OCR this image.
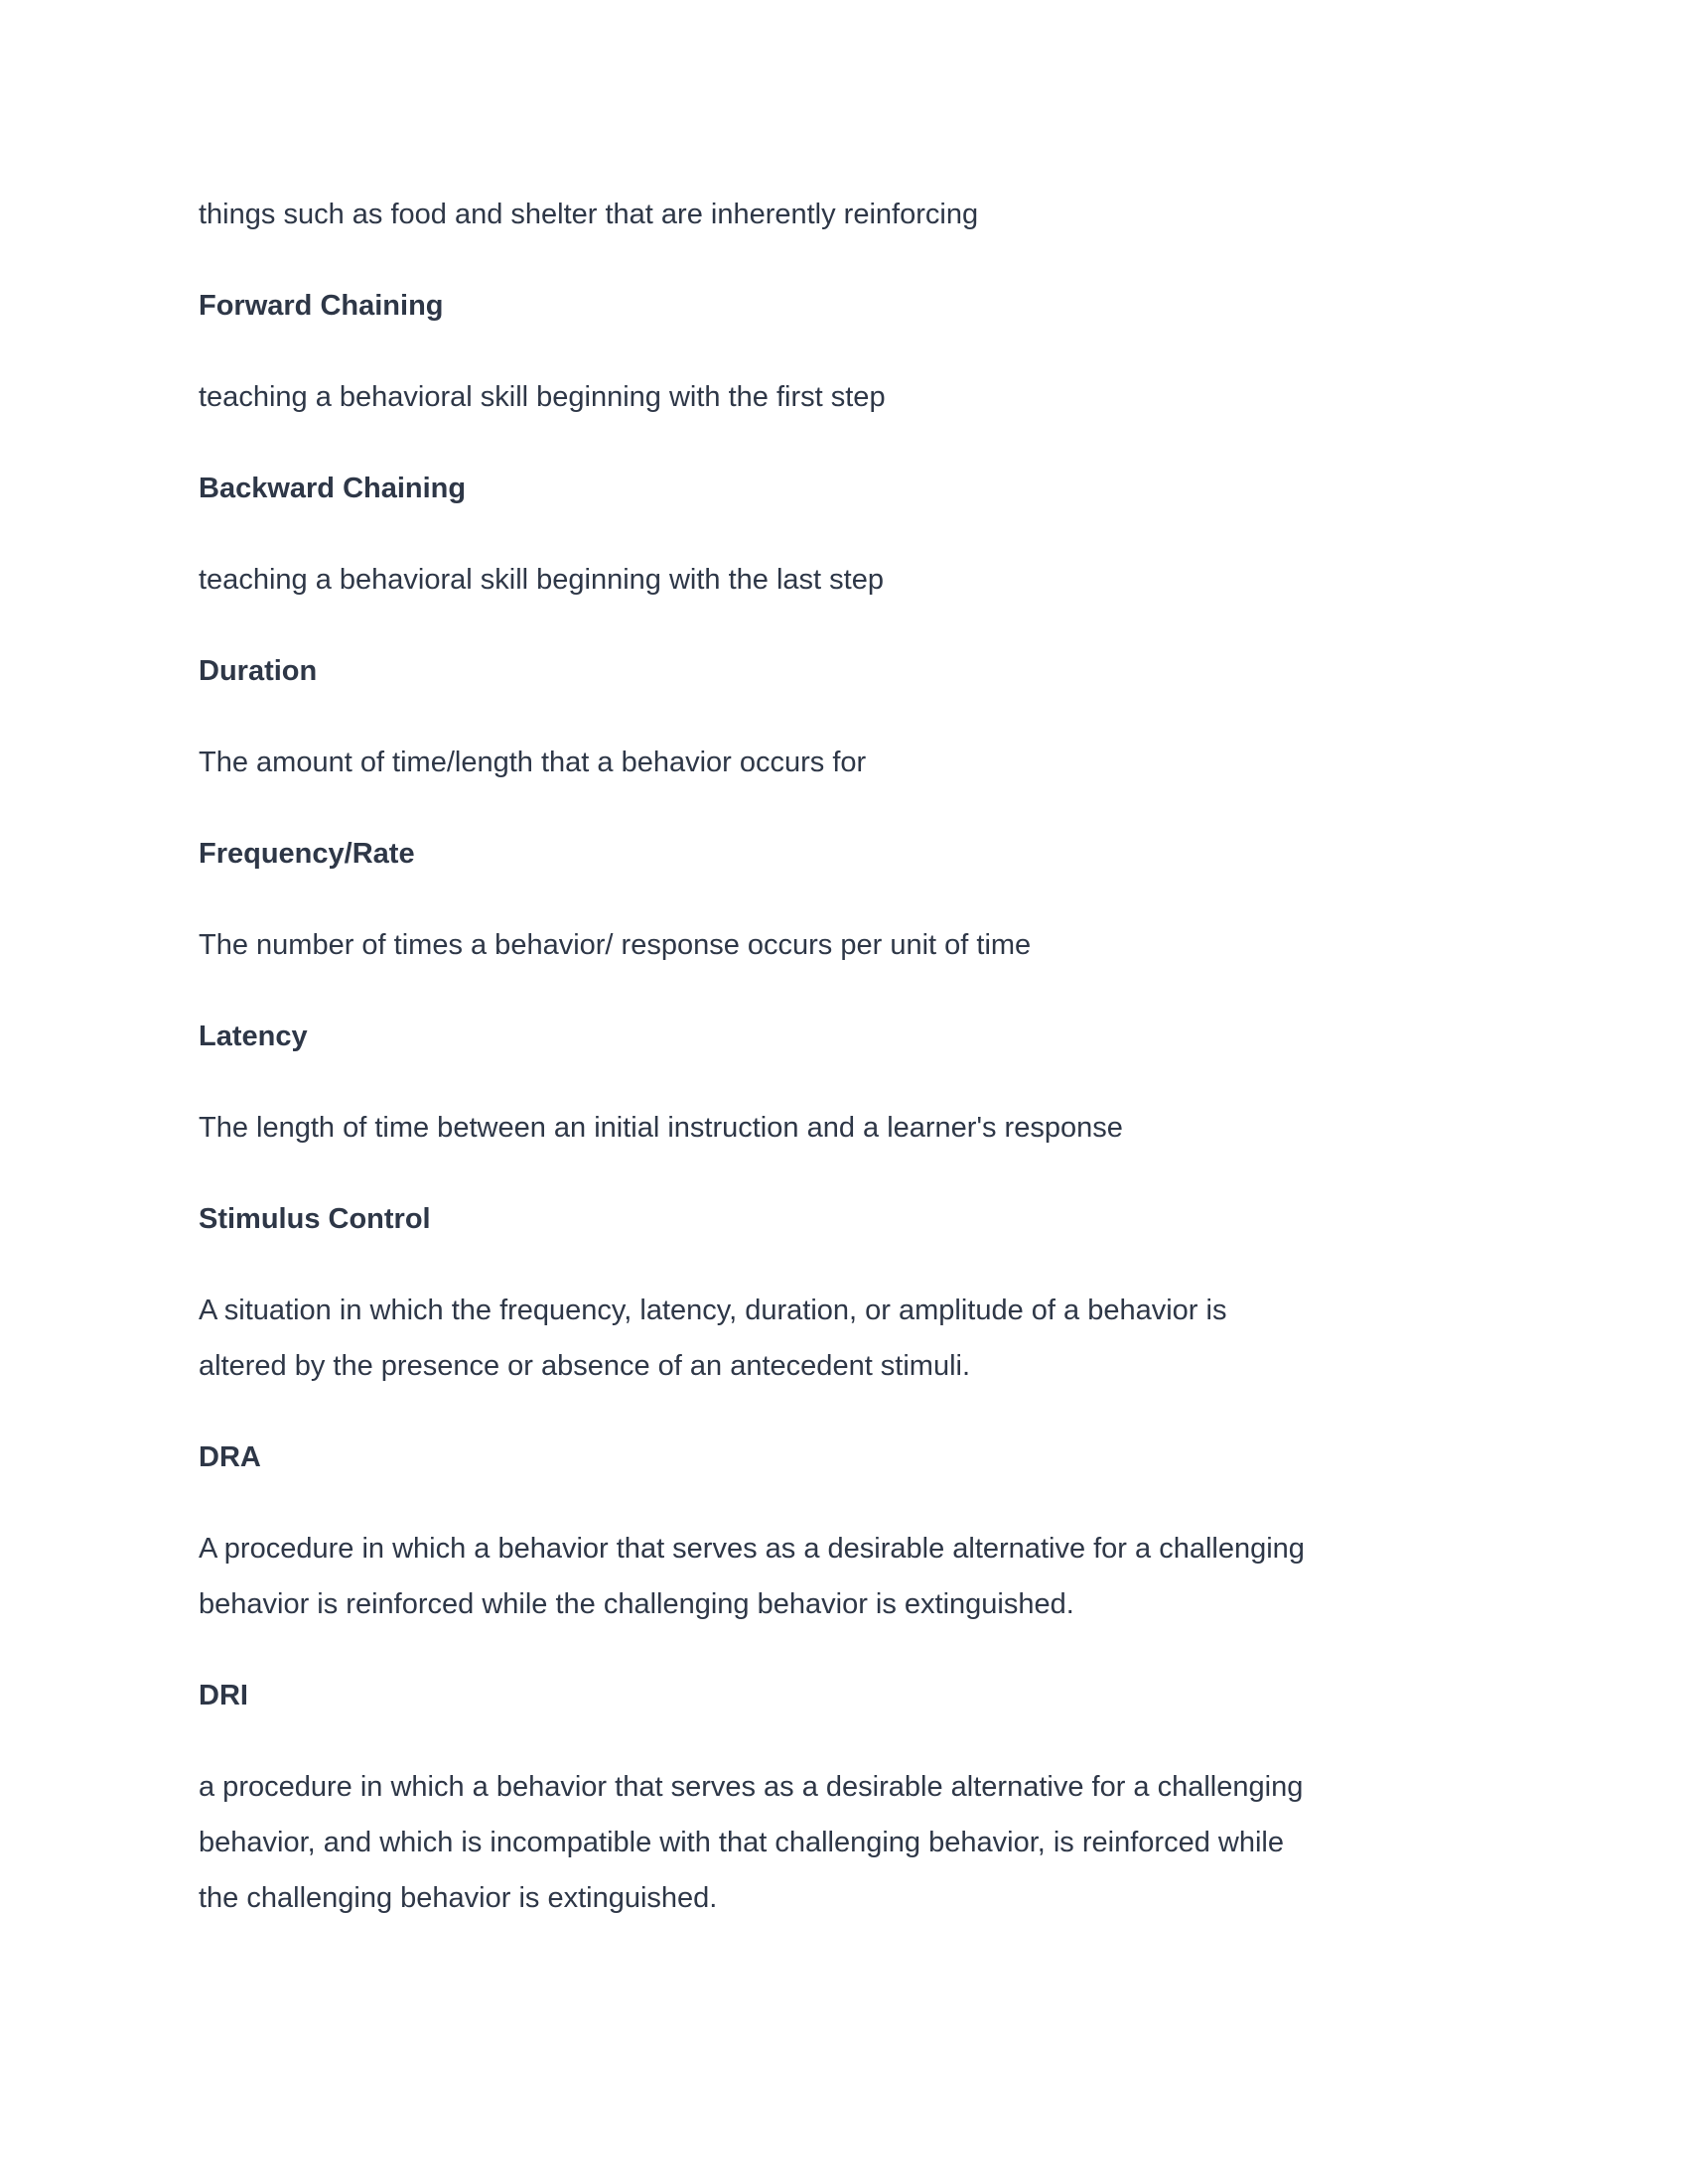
things such as food and shelter that are inherently reinforcing

Forward Chaining

teaching a behavioral skill beginning with the first step

Backward Chaining

teaching a behavioral skill beginning with the last step

Duration

The amount of time/length that a behavior occurs for

Frequency/Rate

The number of times a behavior/ response occurs per unit of time

Latency

The length of time between an initial instruction and a learner's response

Stimulus Control

A situation in which the frequency, latency, duration, or amplitude of a behavior is
altered by the presence or absence of an antecedent stimuli.

DRA

A procedure in which a behavior that serves as a desirable alternative for a challenging
behavior is reinforced while the challenging behavior is extinguished.

DRI

a procedure in which a behavior that serves as a desirable alternative for a challenging
behavior, and which is incompatible with that challenging behavior, is reinforced while
the challenging behavior is extinguished.
